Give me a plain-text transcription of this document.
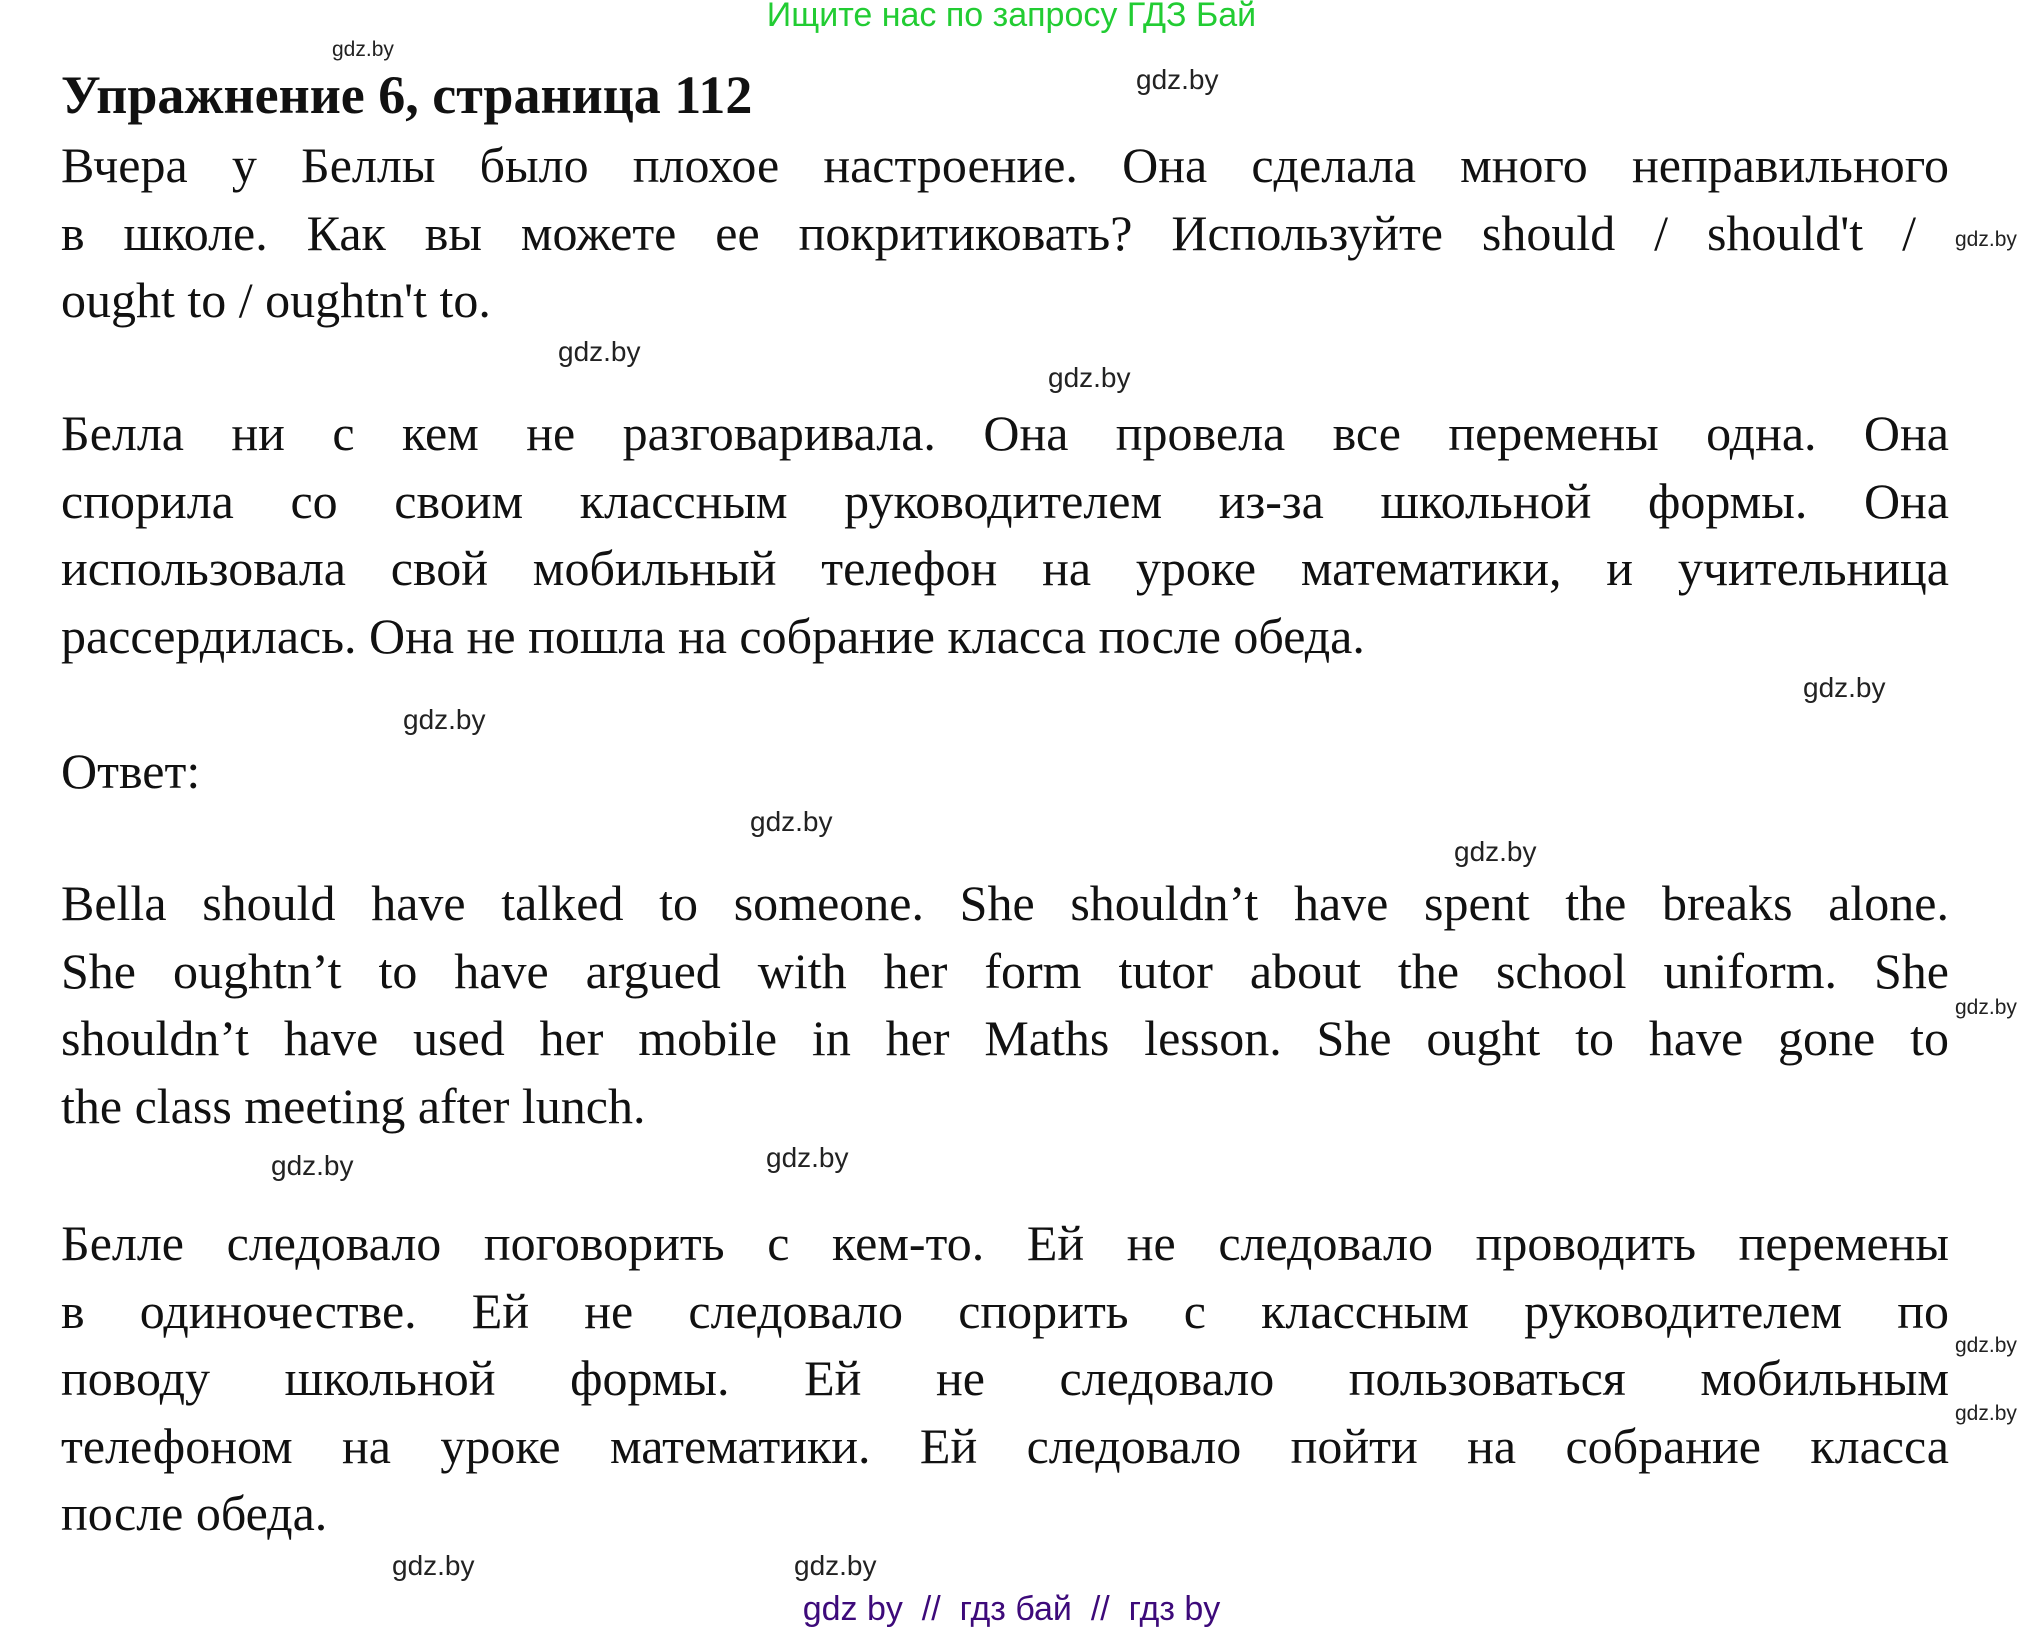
Ищите нас по запросу ГДЗ Бай
Упражнение 6, страница 112
Вчера у Беллы было плохое настроение. Она сделала много неправильного
в школе. Как вы можете ее покритиковать? Используйте should / should't /
ought to / oughtn't to.
Белла ни с кем не разговаривала. Она провела все перемены одна. Она
спорила со своим классным руководителем из-за школьной формы. Она
использовала свой мобильный телефон на уроке математики, и учительница
рассердилась. Она не пошла на собрание класса после обеда.
Ответ:
Bella should have talked to someone. She shouldn’t have spent the breaks alone.
She oughtn’t to have argued with her form tutor about the school uniform. She
shouldn’t have used her mobile in her Maths lesson. She ought to have gone to
the class meeting after lunch.
Белле следовало поговорить с кем-то. Ей не следовало проводить перемены
в одиночестве. Ей не следовало спорить с классным руководителем по
поводу школьной формы. Ей не следовало пользоваться мобильным
телефоном на уроке математики. Ей следовало пойти на собрание класса
после обеда.
gdz.by
gdz.by
gdz.by
gdz.by
gdz.by
gdz.by
gdz.by
gdz.by
gdz.by
gdz.by
gdz.by
gdz.by
gdz.by
gdz.by
gdz.by	gdz.by
gdz by  //  гдз бай  //  гдз by
